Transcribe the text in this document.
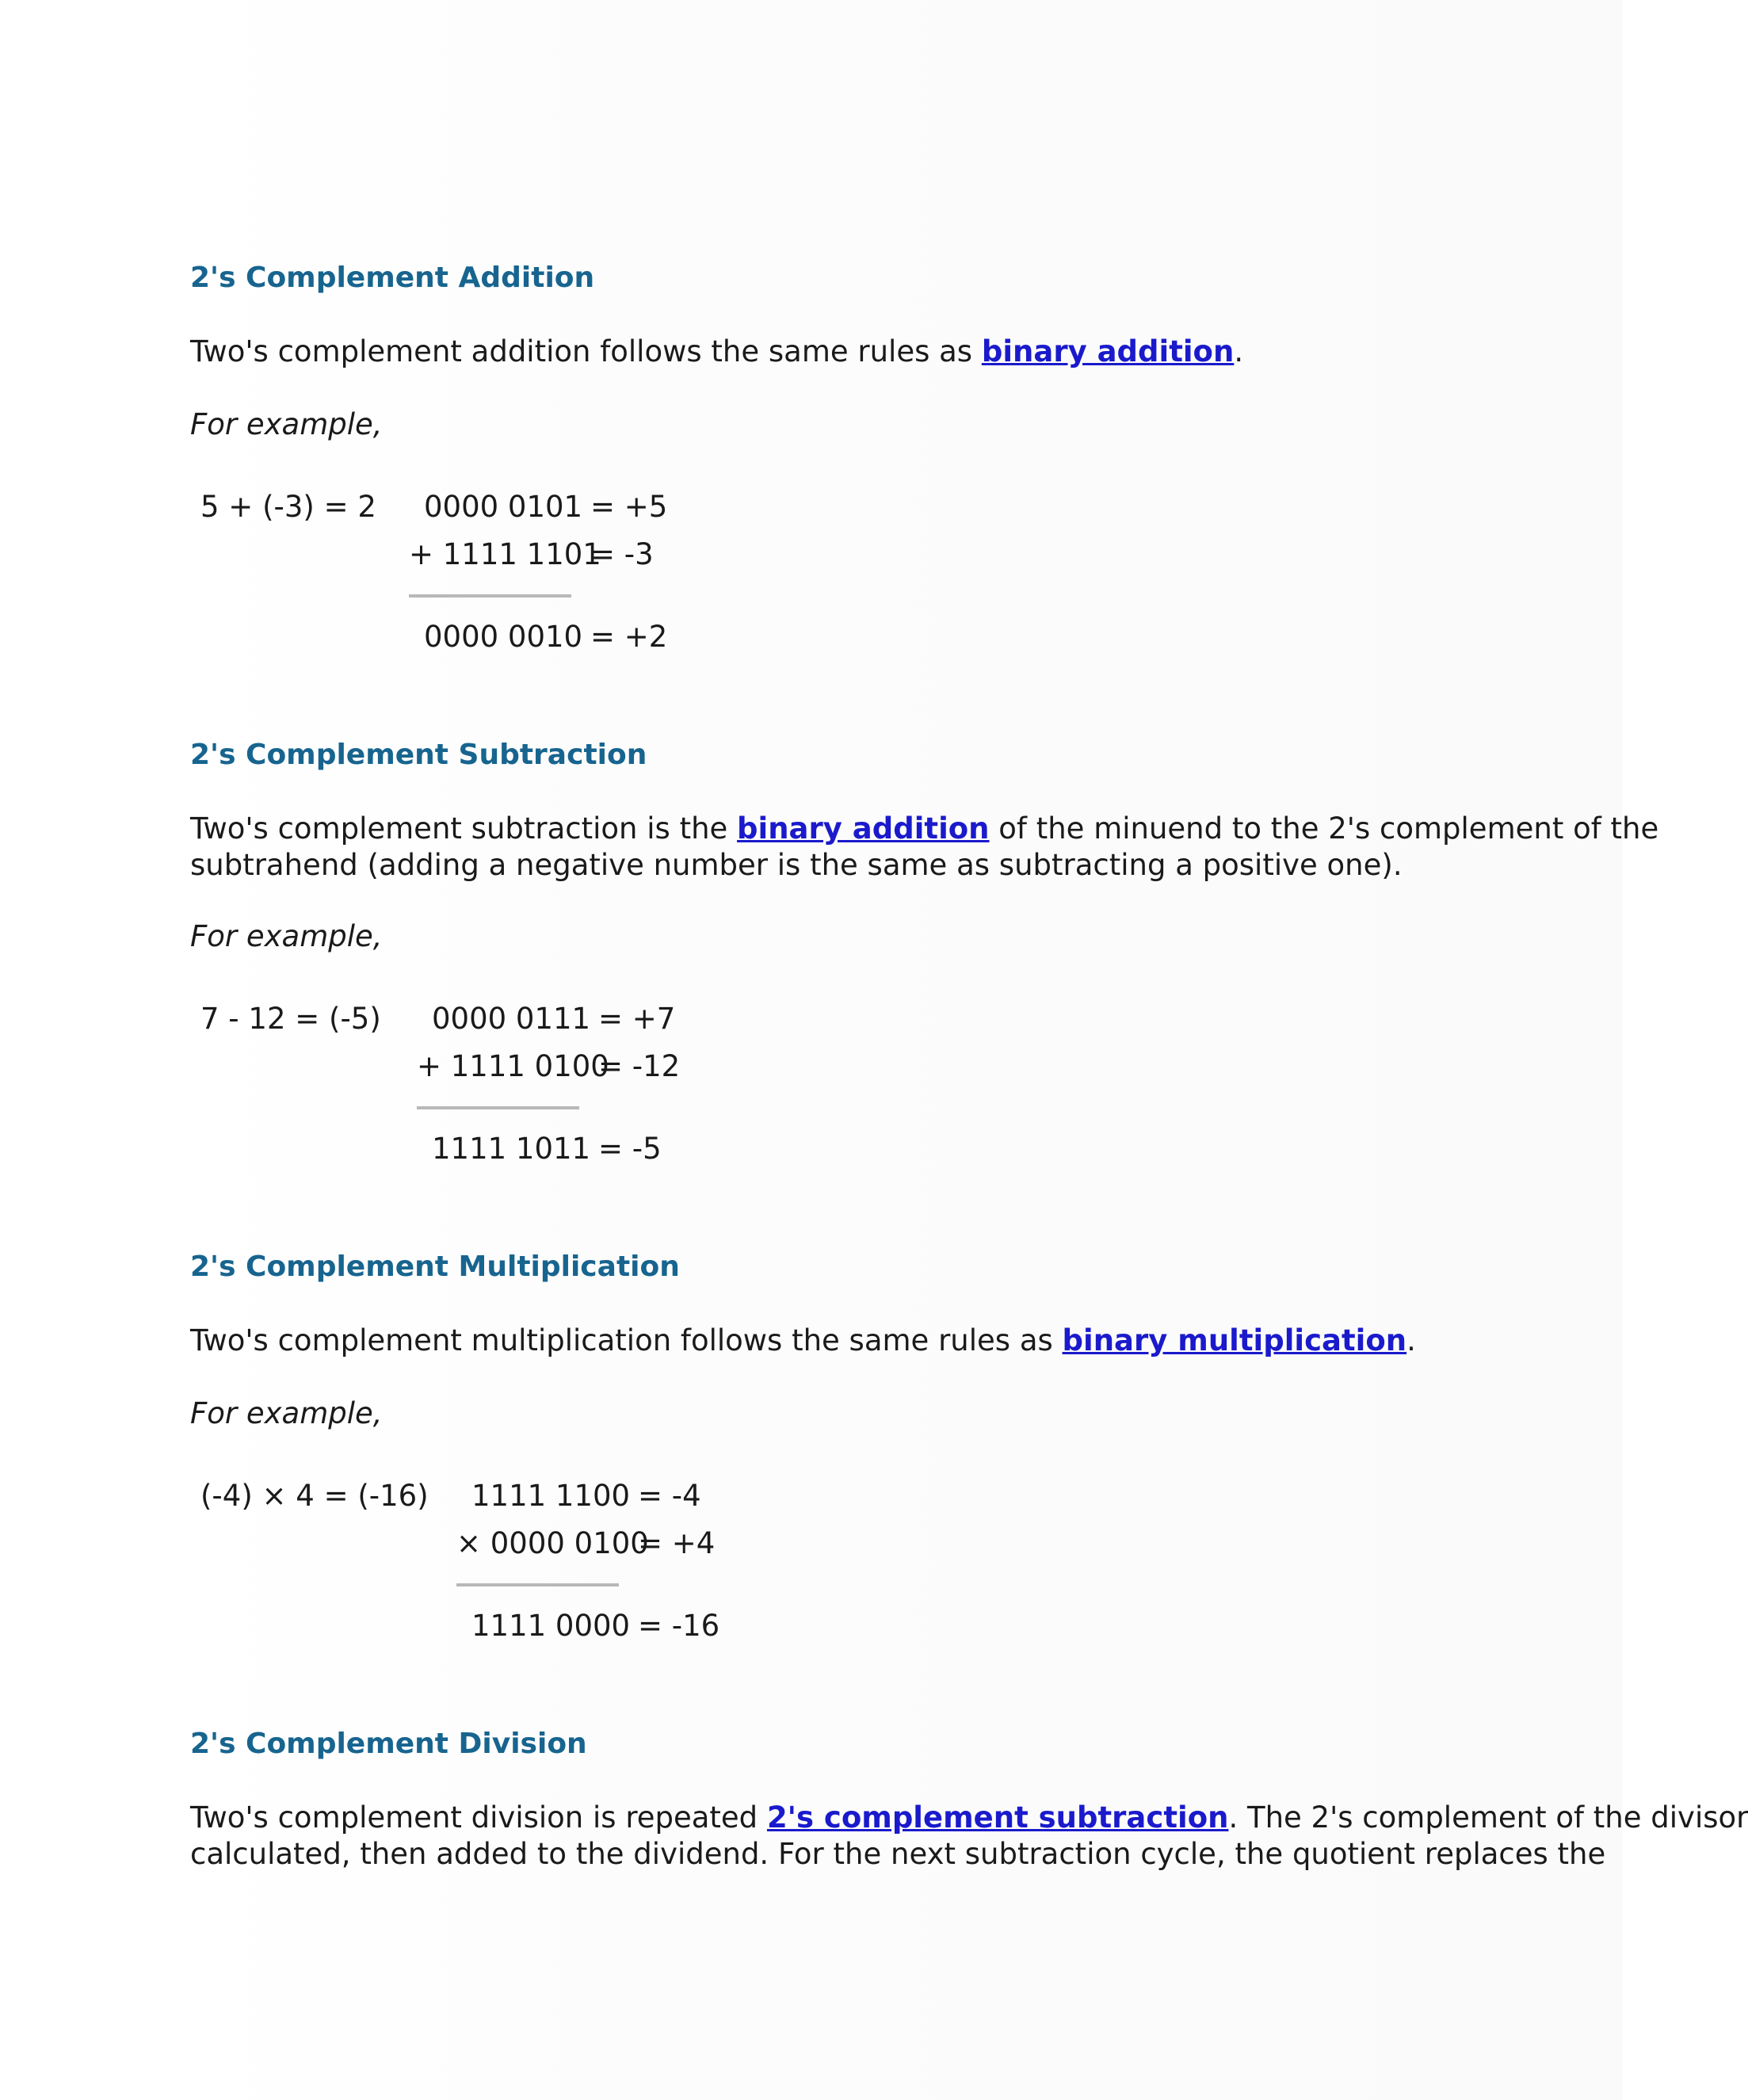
2's Complement Addition

Two's complement addition follows the same rules as binary addition.

For example,

5 + (-3) = 2 0000 0101 = +5
+ 1111 1101
= -3
0000 0010 = +2
2's Complement Subtraction

Two's complement subtraction is the binary addition of the minuend to the 2's complement of the
subtrahend (adding a negative number is the same as subtracting a positive one).

For example,

7 - 12 = (-5) 0000 0111 = +7
+ 1111 0100
= -12
1111 1011 = -5
2's Complement Multiplication

Two's complement multiplication follows the same rules as binary multiplication.

For example,

(-4) × 4 = (-16) 1111 1100 = -4
× 0000 0100
= +4
1111 0000 = -16
2's Complement Division

Two's complement division is repeated 2's complement subtraction. The 2's complement of the divisor
calculated, then added to the dividend. For the next subtraction cycle, the quotient replaces the
